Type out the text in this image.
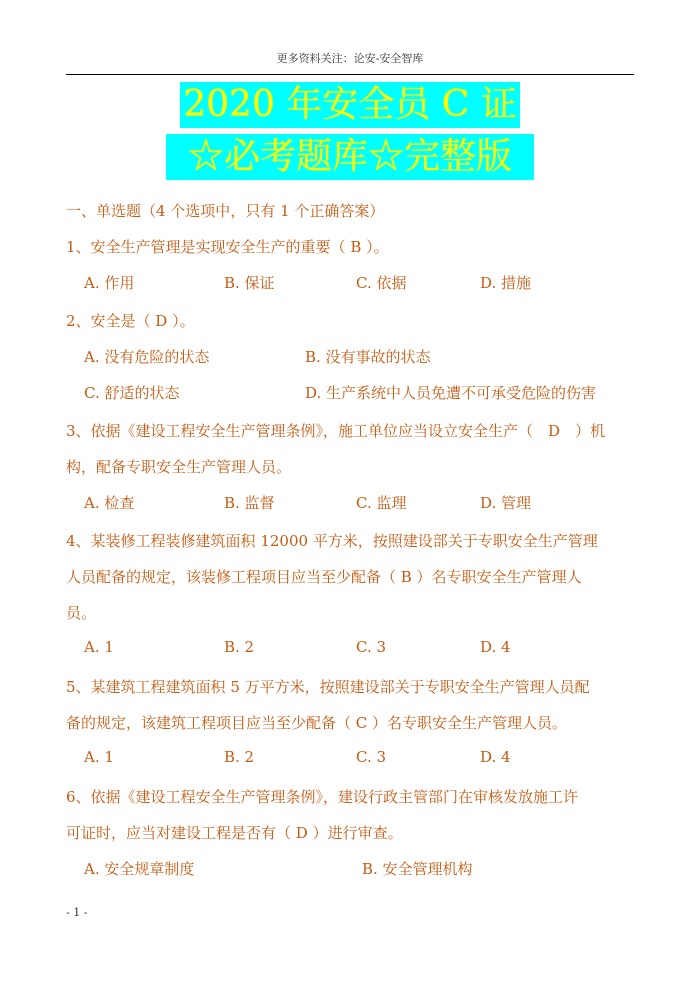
更多资料关注：论安-安全智库
2020 年安全员 C 证
☆必考题库☆完整版
一、单选题（4 个选项中，只有 1 个正确答案）
1、安全生产管理是实现安全生产的重要（ B ）。
A. 作用	B. 保证	C. 依据	D. 措施
2、安全是（ D ）。
A. 没有危险的状态	B. 没有事故的状态
C. 舒适的状态	D. 生产系统中人员免遭不可承受危险的伤害
3、依据《建设工程安全生产管理条例》，施工单位应当设立安全生产（　D　）机
构，配备专职安全生产管理人员。
A. 检查	B. 监督	C. 监理	D. 管理
4、某装修工程装修建筑面积 12000 平方米，按照建设部关于专职安全生产管理
人员配备的规定，该装修工程项目应当至少配备（ B ）名专职安全生产管理人
员。
A. 1	B. 2	C. 3	D. 4
5、某建筑工程建筑面积 5 万平方米，按照建设部关于专职安全生产管理人员配
备的规定，该建筑工程项目应当至少配备（ C ）名专职安全生产管理人员。
A. 1	B. 2	C. 3	D. 4
6、依据《建设工程安全生产管理条例》，建设行政主管部门在审核发放施工许
可证时，应当对建设工程是否有（ D ）进行审查。
A. 安全规章制度	B. 安全管理机构
- 1 -
